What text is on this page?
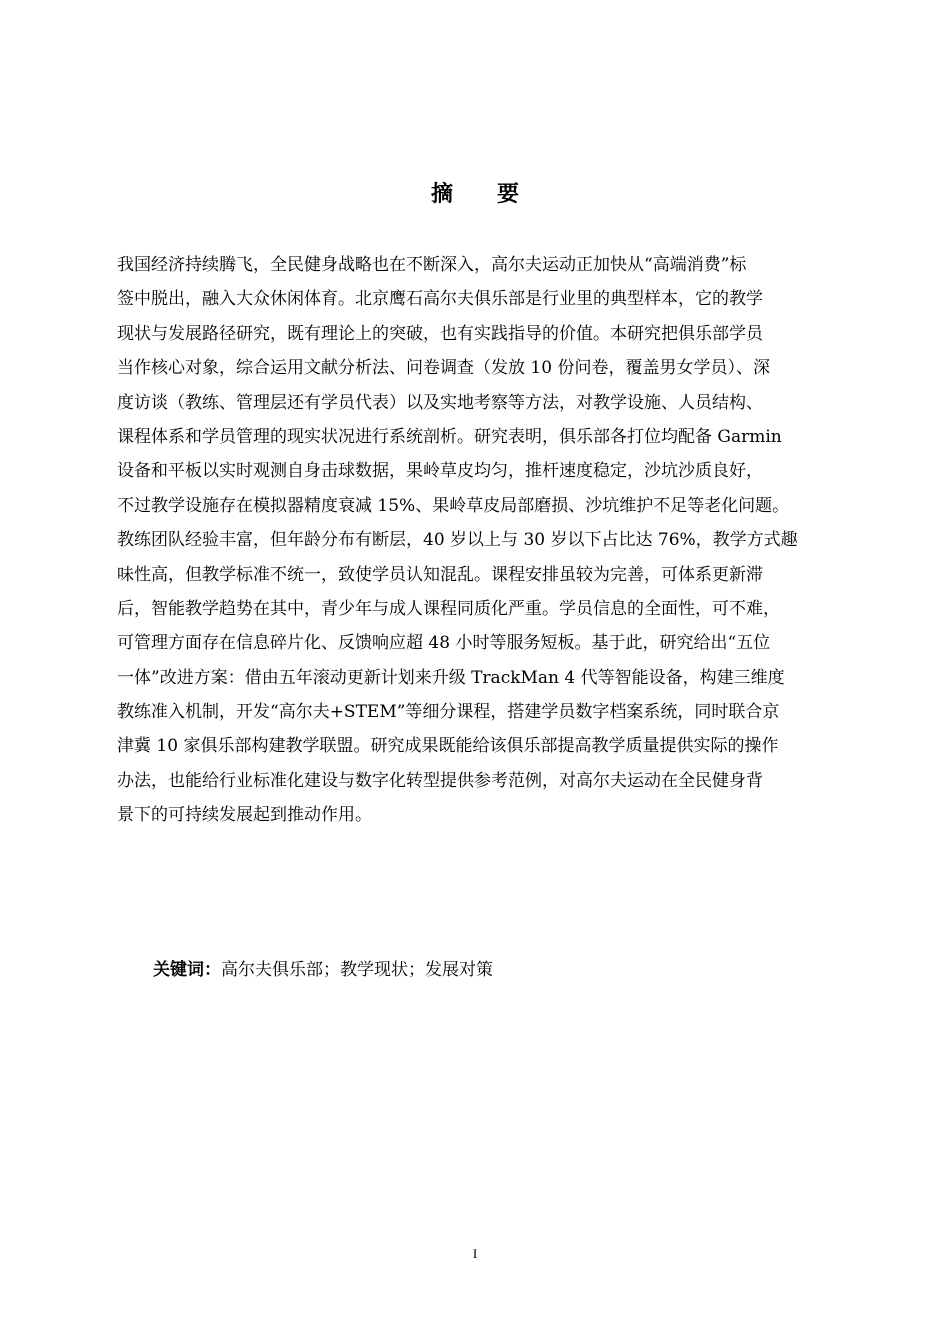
摘 要
我国经济持续腾飞，全民健身战略也在不断深入，高尔夫运动正加快从“高端消费”标
签中脱出，融入大众休闲体育。北京鹰石高尔夫俱乐部是行业里的典型样本，它的教学
现状与发展路径研究，既有理论上的突破，也有实践指导的价值。本研究把俱乐部学员
当作核心对象，综合运用文献分析法、问卷调查（发放 10 份问卷，覆盖男女学员）、深
度访谈（教练、管理层还有学员代表）以及实地考察等方法，对教学设施、人员结构、
课程体系和学员管理的现实状况进行系统剖析。研究表明，俱乐部各打位均配备 Garmin
设备和平板以实时观测自身击球数据，果岭草皮均匀，推杆速度稳定，沙坑沙质良好，
不过教学设施存在模拟器精度衰减 15%、果岭草皮局部磨损、沙坑维护不足等老化问题。
教练团队经验丰富，但年龄分布有断层，40 岁以上与 30 岁以下占比达 76%，教学方式趣
味性高，但教学标准不统一，致使学员认知混乱。课程安排虽较为完善，可体系更新滞
后，智能教学趋势在其中，青少年与成人课程同质化严重。学员信息的全面性，可不难，
可管理方面存在信息碎片化、反馈响应超 48 小时等服务短板。基于此，研究给出“五位
一体”改进方案：借由五年滚动更新计划来升级 TrackMan 4 代等智能设备，构建三维度
教练准入机制，开发“高尔夫+STEM”等细分课程，搭建学员数字档案系统，同时联合京
津冀 10 家俱乐部构建教学联盟。研究成果既能给该俱乐部提高教学质量提供实际的操作
办法，也能给行业标准化建设与数字化转型提供参考范例，对高尔夫运动在全民健身背
景下的可持续发展起到推动作用。
关键词：高尔夫俱乐部；教学现状；发展对策
I
